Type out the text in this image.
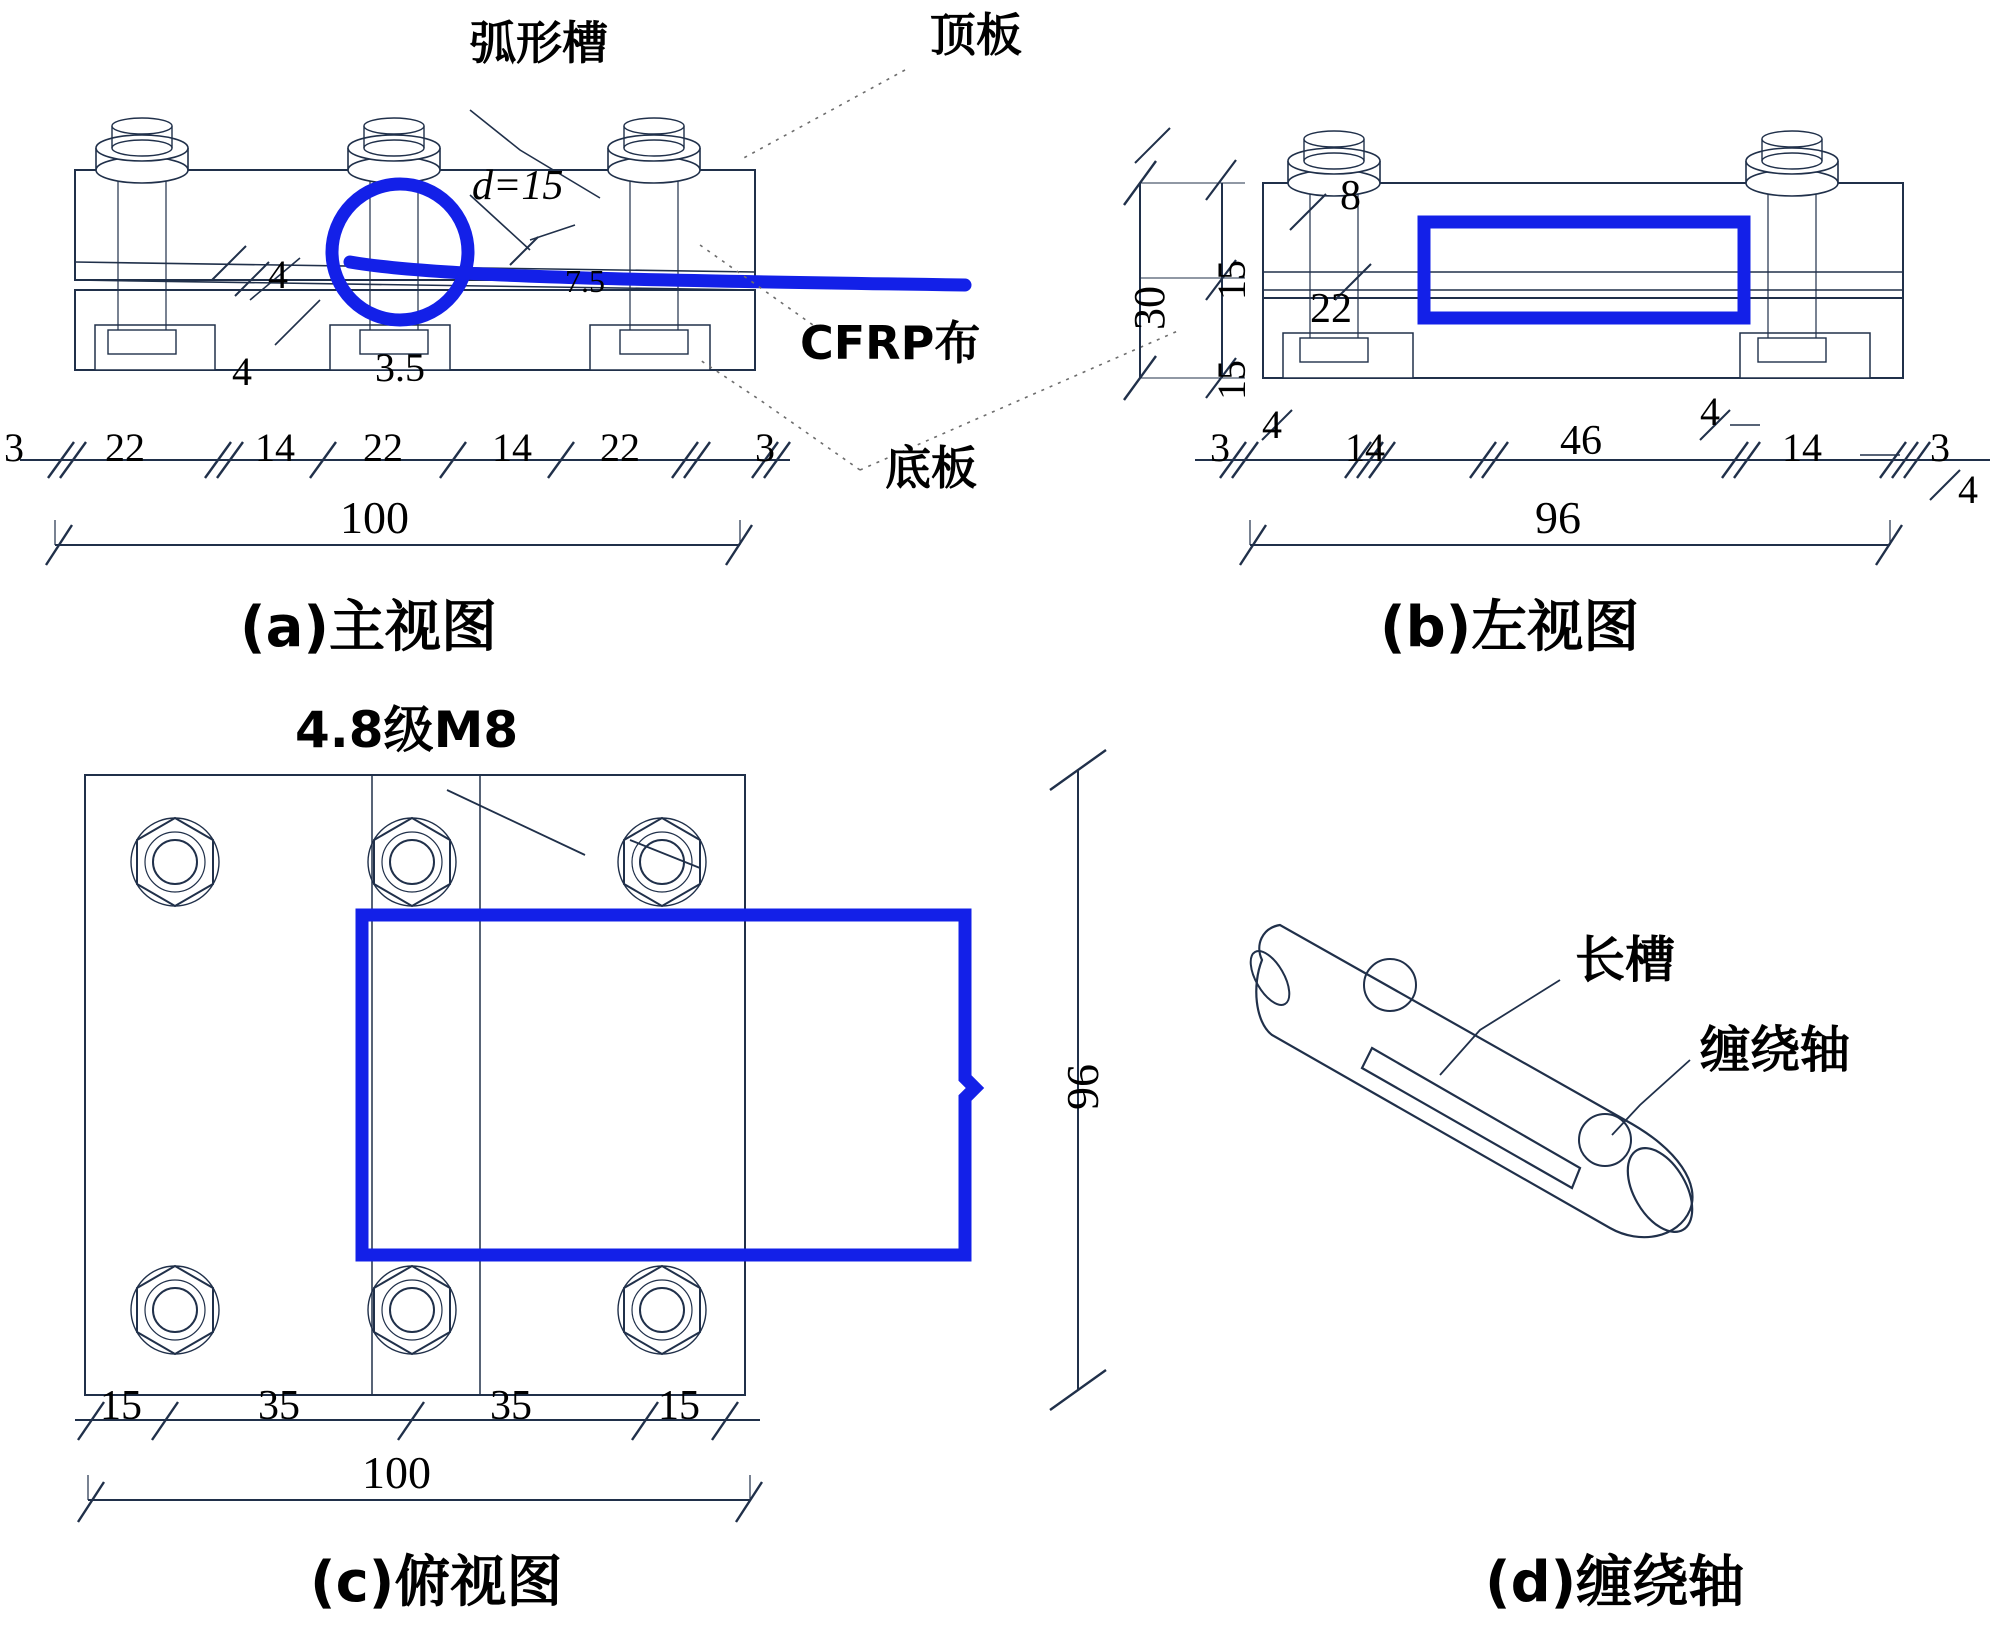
弧形槽	顶板
底板
CFRP布
d=15
7.5
4
4	3.5
3 22	14 22 14 22	3
100
(a)主视图
8
22
30
15
15
3	14	46	14	3
4	4
4
96
(b)左视图
4.8级M8
96
15	35	35	15
100
(c)俯视图
长槽
缠绕轴
(d)缠绕轴
